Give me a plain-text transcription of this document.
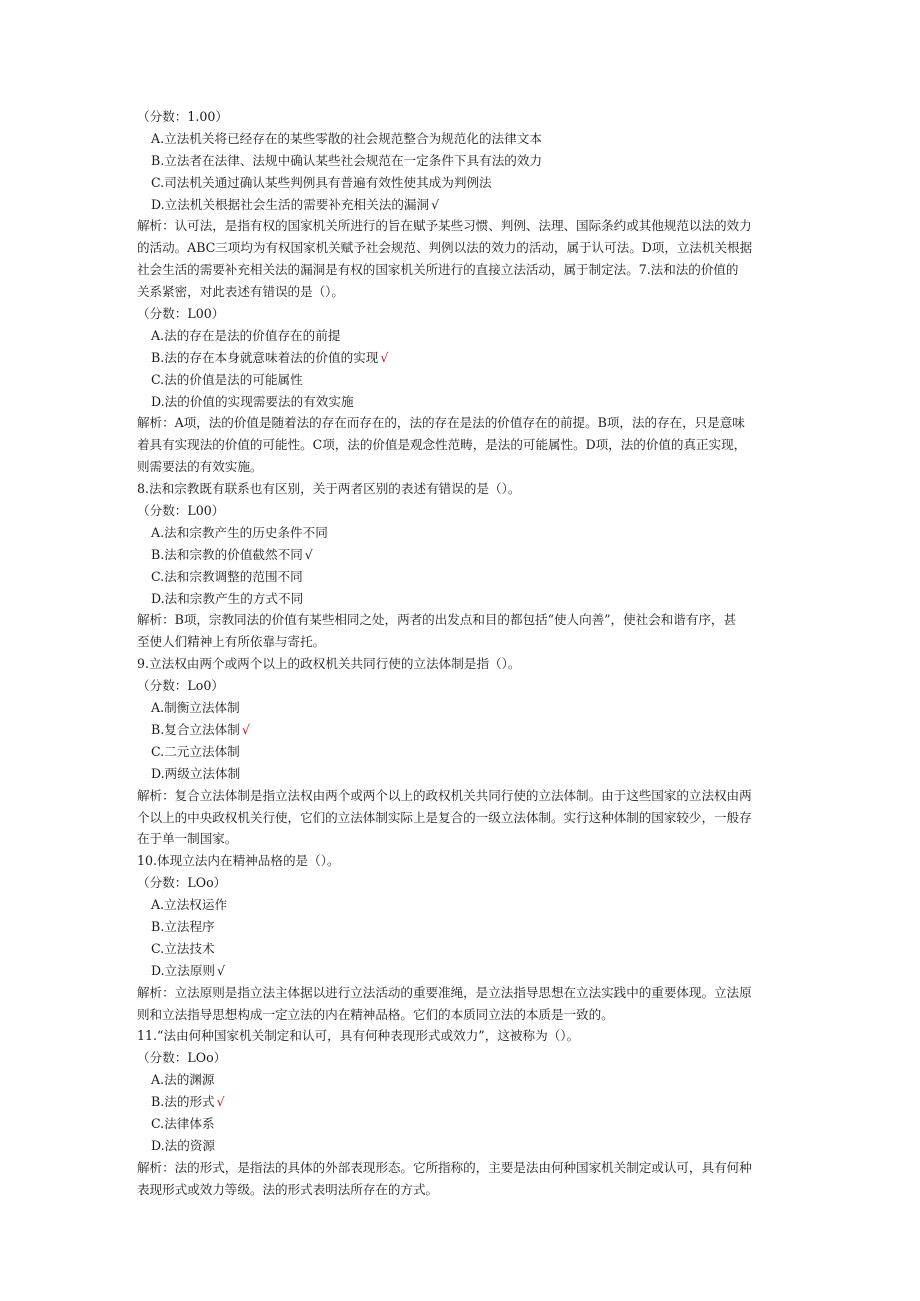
（分数：1.00）
A.立法机关将已经存在的某些零散的社会规范整合为规范化的法律文本
B.立法者在法律、法规中确认某些社会规范在一定条件下具有法的效力
C.司法机关通过确认某些判例具有普遍有效性使其成为判例法
D.立法机关根据社会生活的需要补充相关法的漏洞 √
解析：认可法，是指有权的国家机关所进行的旨在赋予某些习惯、判例、法理、国际条约或其他规范以法的效力
的活动。ABC三项均为有权国家机关赋予社会规范、判例以法的效力的活动，属于认可法。D项，立法机关根据
社会生活的需要补充相关法的漏洞是有权的国家机关所进行的直接立法活动，属于制定法。7.法和法的价值的
关系紧密，对此表述有错误的是（）。
（分数：L00）
A.法的存在是法的价值存在的前提
B.法的存在本身就意味着法的价值的实现 √
C.法的价值是法的可能属性
D.法的价值的实现需要法的有效实施
解析：A项，法的价值是随着法的存在而存在的，法的存在是法的价值存在的前提。B项，法的存在，只是意味
着具有实现法的价值的可能性。C项，法的价值是观念性范畴，是法的可能属性。D项，法的价值的真正实现，
则需要法的有效实施。
8.法和宗教既有联系也有区别，关于两者区别的表述有错误的是（）。
（分数：L00）
A.法和宗教产生的历史条件不同
B.法和宗教的价值截然不同 √
C.法和宗教调整的范围不同
D.法和宗教产生的方式不同
解析：B项，宗教同法的价值有某些相同之处，两者的出发点和目的都包括“使人向善”，使社会和谐有序，甚
至使人们精神上有所依靠与寄托。
9.立法权由两个或两个以上的政权机关共同行使的立法体制是指（）。
（分数：Lo0）
A.制衡立法体制
B.复合立法体制 √
C.二元立法体制
D.两级立法体制
解析：复合立法体制是指立法权由两个或两个以上的政权机关共同行使的立法体制。由于这些国家的立法权由两
个以上的中央政权机关行使，它们的立法体制实际上是复合的一级立法体制。实行这种体制的国家较少，一般存
在于单一制国家。
10.体现立法内在精神品格的是（）。
（分数：LOo）
A.立法权运作
B.立法程序
C.立法技术
D.立法原则 √
解析：立法原则是指立法主体据以进行立法活动的重要准绳，是立法指导思想在立法实践中的重要体现。立法原
则和立法指导思想构成一定立法的内在精神品格。它们的本质同立法的本质是一致的。
11.“法由何种国家机关制定和认可，具有何种表现形式或效力”，这被称为（）。
（分数：LOo）
A.法的渊源
B.法的形式 √
C.法律体系
D.法的资源
解析：法的形式，是指法的具体的外部表现形态。它所指称的，主要是法由何种国家机关制定或认可，具有何种
表现形式或效力等级。法的形式表明法所存在的方式。
